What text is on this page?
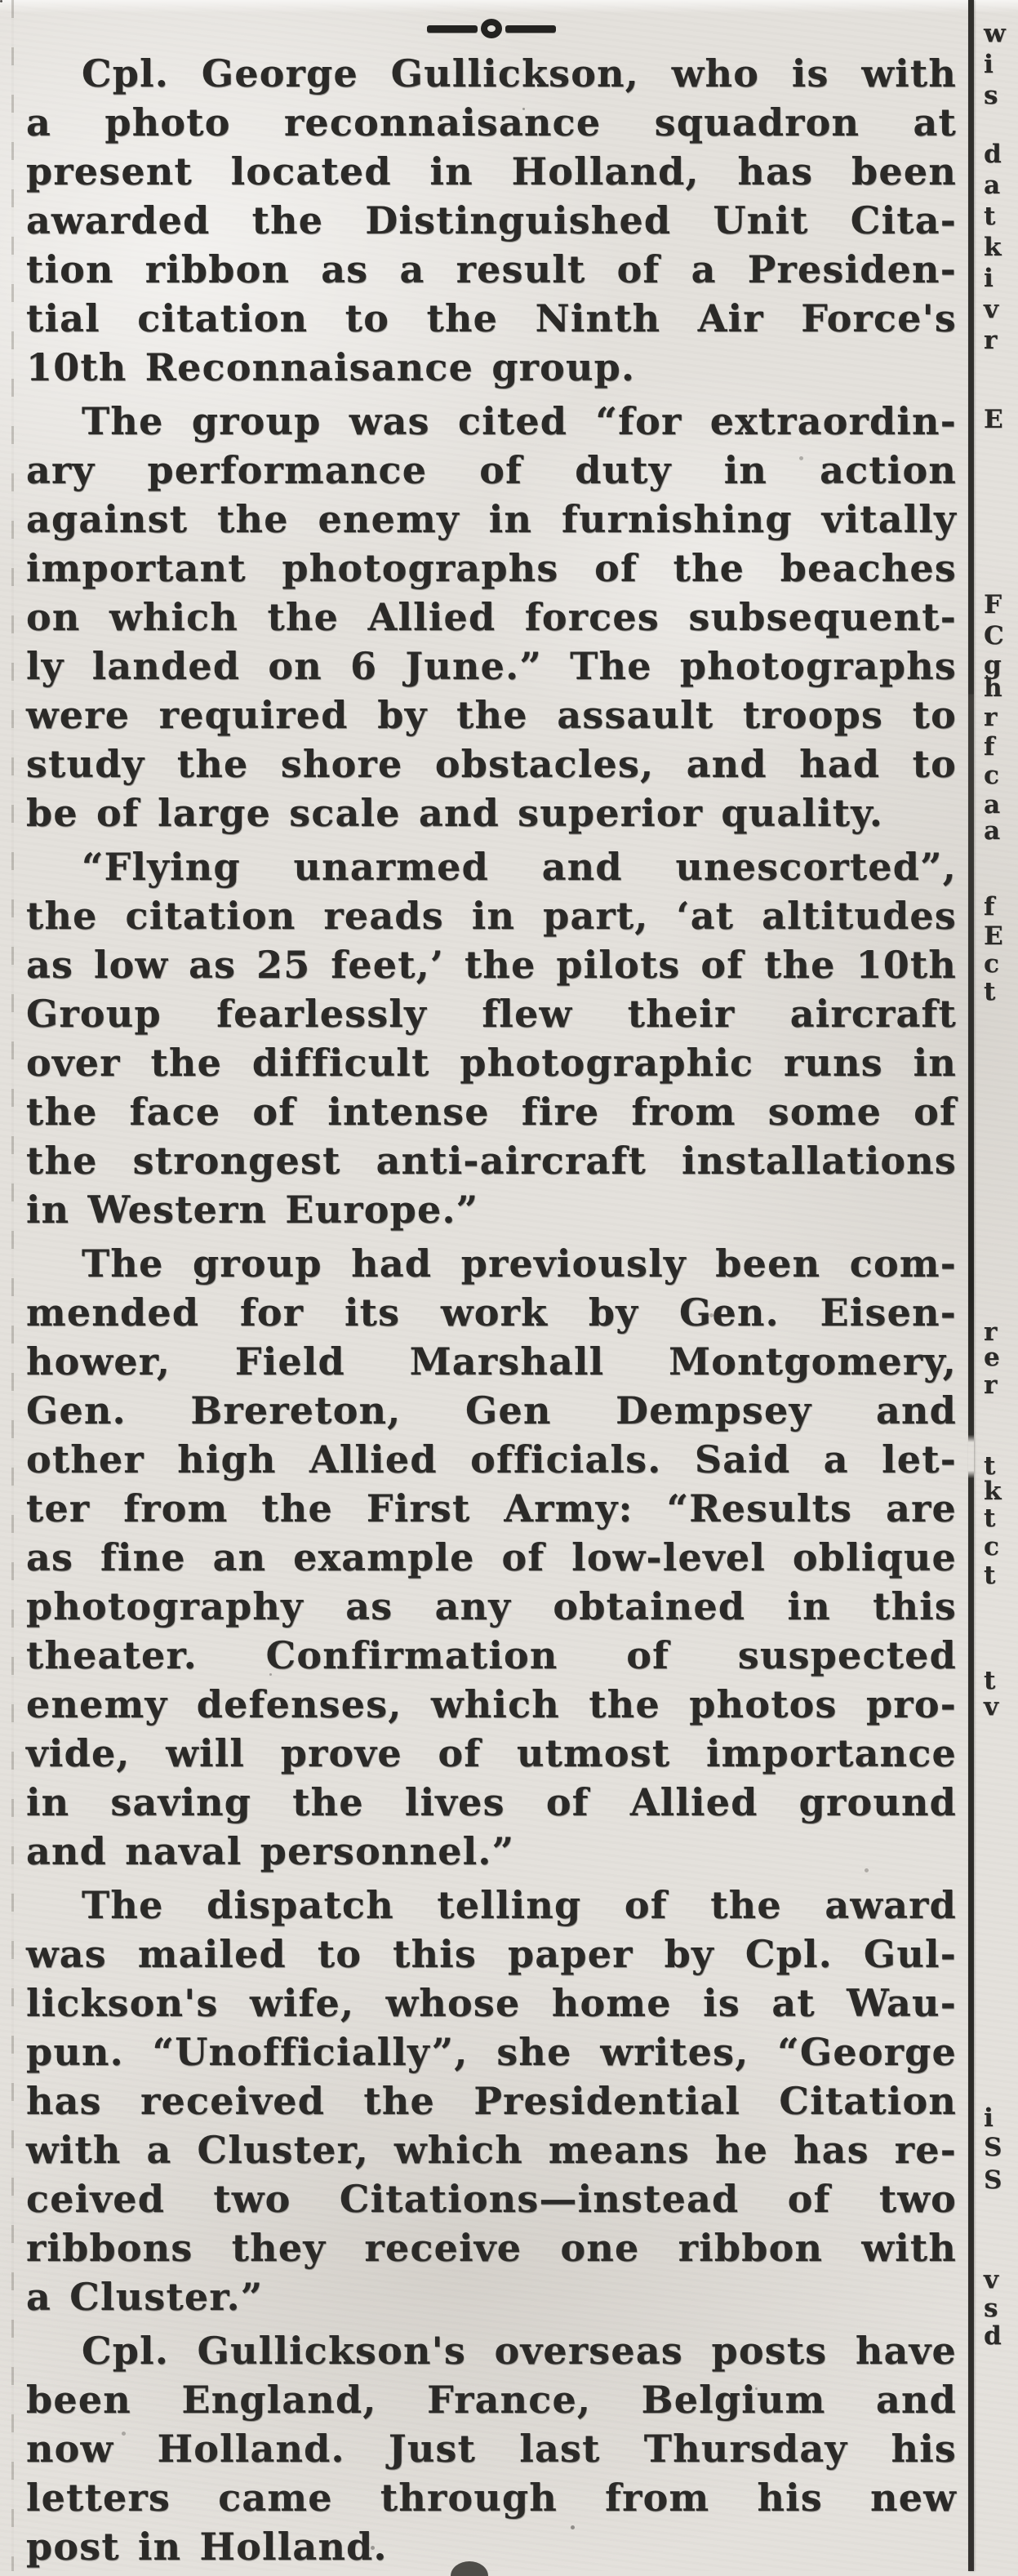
Cpl. George Gullickson, who is with
a photo reconnaisance squadron at
present located in Holland, has been
awarded the Distinguished Unit Cita-
tion ribbon as a result of a Presiden-
tial citation to the Ninth Air Force's
10th Reconnaisance group.
The group was cited “for extraordin-
ary performance of duty in action
against the enemy in furnishing vitally
important photographs of the beaches
on which the Allied forces subsequent-
ly landed on 6 June.” The photographs
were required by the assault troops to
study the shore obstacles, and had to
be of large scale and superior quality.
“Flying unarmed and unescorted”,
the citation reads in part, ‘at altitudes
as low as 25 feet,’ the pilots of the 10th
Group fearlessly flew their aircraft
over the difficult photographic runs in
the face of intense fire from some of
the strongest anti-aircraft installations
in Western Europe.”
The group had previously been com-
mended for its work by Gen. Eisen-
hower, Field Marshall Montgomery,
Gen. Brereton, Gen Dempsey and
other high Allied officials. Said a let-
ter from the First Army: “Results are
as fine an example of low-level oblique
photography as any obtained in this
theater. Confirmation of suspected
enemy defenses, which the photos pro-
vide, will prove of utmost importance
in saving the lives of Allied ground
and naval personnel.”
The dispatch telling of the award
was mailed to this paper by Cpl. Gul-
lickson's wife, whose home is at Wau-
pun. “Unofficially”, she writes, “George
has received the Presidential Citation
with a Cluster, which means he has re-
ceived two Citations—instead of two
ribbons they receive one ribbon with
a Cluster.”
Cpl. Gullickson's overseas posts have
been England, France, Belgium and
now Holland. Just last Thursday his
letters came through from his new
post in Holland.
w
i
s
d
a
t
k
i
v
r
E
F
C
g
h
r
f
c
a
a
f
E
c
t
r
e
r
t
k
t
c
t
t
v
i
S
S
v
s
d
